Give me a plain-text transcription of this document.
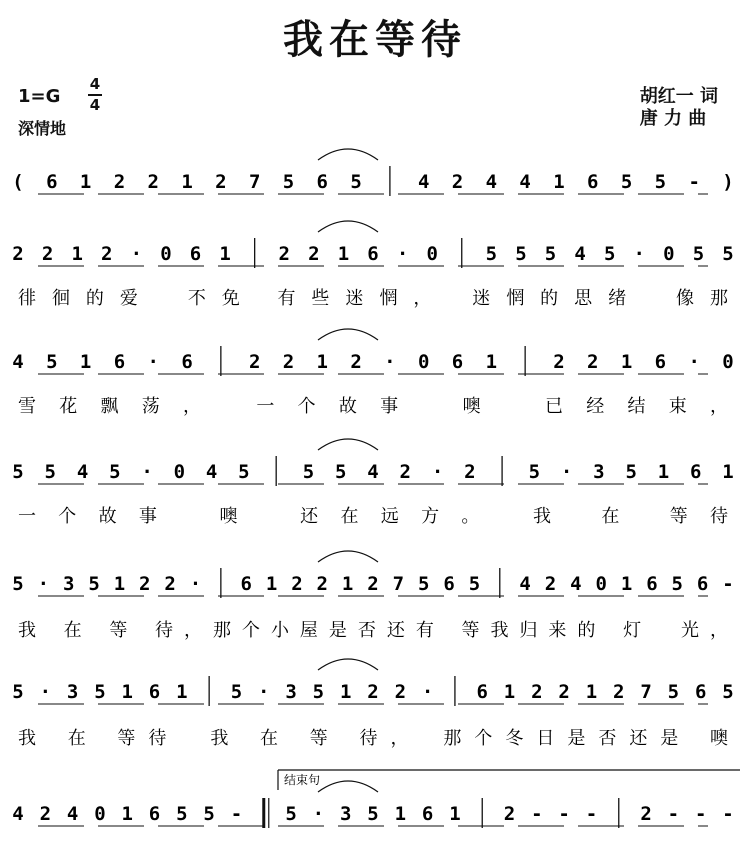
我在等待
1=G
4
4
深情地
胡红一 词
唐 力 曲
( 6 1 2 2 1 2 7 5 6 5	4 2 4 4 1 6 5 5 - )
2 2 1 2 · 0 6 1	2 2 1 6 · 0	5 5 5 4 5 · 0 5 5
徘徊的爱　不免 有些迷惘，　迷惘的思绪　像那
4 5 1 6 · 6	2 2 1 2 · 0 6 1	2 2 1 6 · 0
雪花飘荡，　一个故事　噢　已经结束，
5 5 4 5 · 0 4 5	5 5 4 2 · 2	5 · 3 5 1 6 1
一个故事　噢　还在远方。　我 在 等待
5 · 3 5 1 2 2 · 6 1 2 2 1 2 7 5 6 5 4 2 4 0 1 6 5 6 -
我 在 等 待，那个小屋是否还有 等我归来的 灯　光，
5 · 3 5 1 6 1 5 · 3 5 1 2 2 · 6 1 2 2 1 2 7 5 6 5
我 在 等待　我 在 等 待，　那个冬日是否还是 噢
4 2 4 0 1 6 5 5 - 5 · 3 5 1 6 1 2 - - - 2 - - -
结束句
